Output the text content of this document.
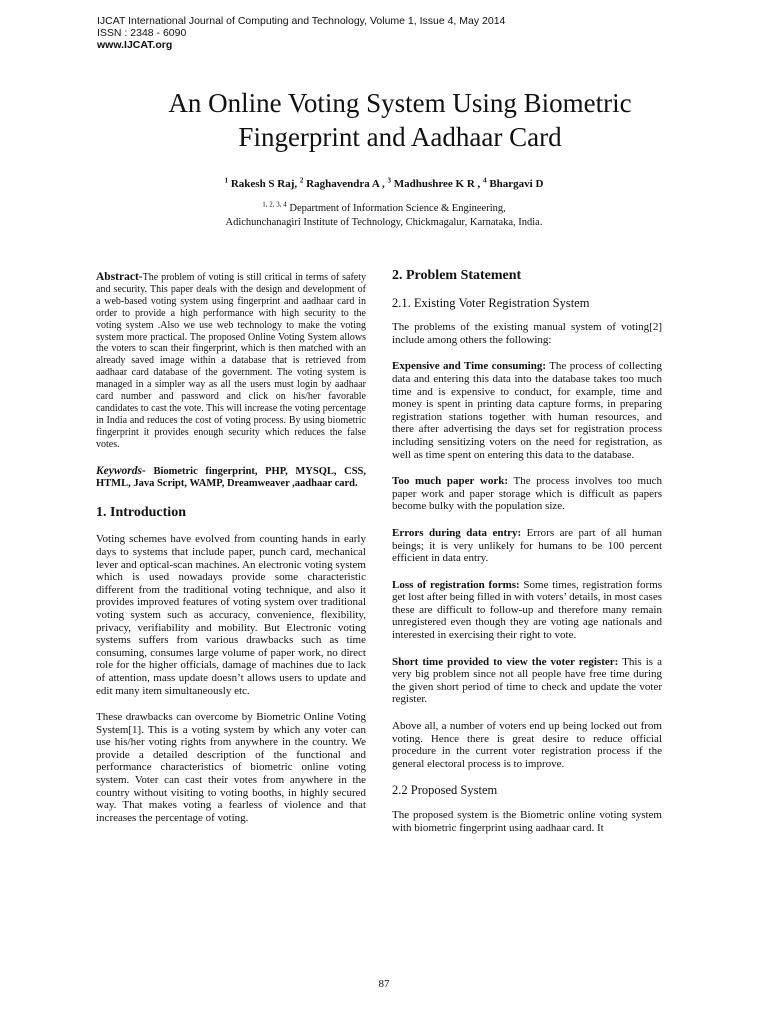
IJCAT International Journal of Computing and Technology, Volume 1, Issue 4, May 2014
ISSN : 2348 - 6090
www.IJCAT.org
An Online Voting System Using Biometric
Fingerprint and Aadhaar Card
$^1$ Rakesh S Raj, $^2$ Raghavendra A , $^3$ Madhushree K R , $^4$ Bhargavi D
$^{1, 2, 3, 4}$ Department of Information Science & Engineering,
Adichunchanagiri Institute of Technology, Chickmagalur, Karnataka, India.

Abstract-The problem of voting is still critical in terms of safety and security. This paper deals with the design and development of a web-based voting system using fingerprint and aadhaar card in order to provide a high performance with high security to the voting system .Also we use web technology to make the voting system more practical. The proposed Online Voting System allows the voters to scan their fingerprint, which is then matched with an already saved image within a database that is retrieved from aadhaar card database of the government. The voting system is managed in a simpler way as all the users must login by aadhaar card number and password and click on his/her favorable candidates to cast the vote. This will increase the voting percentage in India and reduces the cost of voting process. By using biometric fingerprint it provides enough security which reduces the false votes.

Keywords- Biometric fingerprint, PHP, MYSQL, CSS, HTML, Java Script, WAMP, Dreamweaver ,aadhaar card.

1. Introduction

Voting schemes have evolved from counting hands in early days to systems that include paper, punch card, mechanical lever and optical-scan machines. An electronic voting system which is used nowadays provide some characteristic different from the traditional voting technique, and also it provides improved features of voting system over traditional voting system such as accuracy, convenience, flexibility, privacy, verifiability and mobility. But Electronic voting systems suffers from various drawbacks such as time consuming, consumes large volume of paper work, no direct role for the higher officials, damage of machines due to lack of attention, mass update doesn’t allows users to update and edit many item simultaneously etc.

These drawbacks can overcome by Biometric Online Voting System[1]. This is a voting system by which any voter can use his/her voting rights from anywhere in the country. We provide a detailed description of the functional and performance characteristics of biometric online voting system. Voter can cast their votes from anywhere in the country without visiting to voting booths, in highly secured way. That makes voting a fearless of violence and that increases the percentage of voting.

2. Problem Statement
2.1. Existing Voter Registration System

The problems of the existing manual system of voting[2] include among others the following:

Expensive and Time consuming: The process of collecting data and entering this data into the database takes too much time and is expensive to conduct, for example, time and money is spent in printing data capture forms, in preparing registration stations together with human resources, and there after advertising the days set for registration process including sensitizing voters on the need for registration, as well as time spent on entering this data to the database.

Too much paper work: The process involves too much paper work and paper storage which is difficult as papers become bulky with the population size.

Errors during data entry: Errors are part of all human beings; it is very unlikely for humans to be 100 percent efficient in data entry.

Loss of registration forms: Some times, registration forms get lost after being filled in with voters’ details, in most cases these are difficult to follow-up and therefore many remain unregistered even though they are voting age nationals and interested in exercising their right to vote.

Short time provided to view the voter register: This is a very big problem since not all people have free time during the given short period of time to check and update the voter register.

Above all, a number of voters end up being locked out from voting. Hence there is great desire to reduce official procedure in the current voter registration process if the general electoral process is to improve.

2.2 Proposed System

The proposed system is the Biometric online voting system with biometric fingerprint using aadhaar card. It

87
